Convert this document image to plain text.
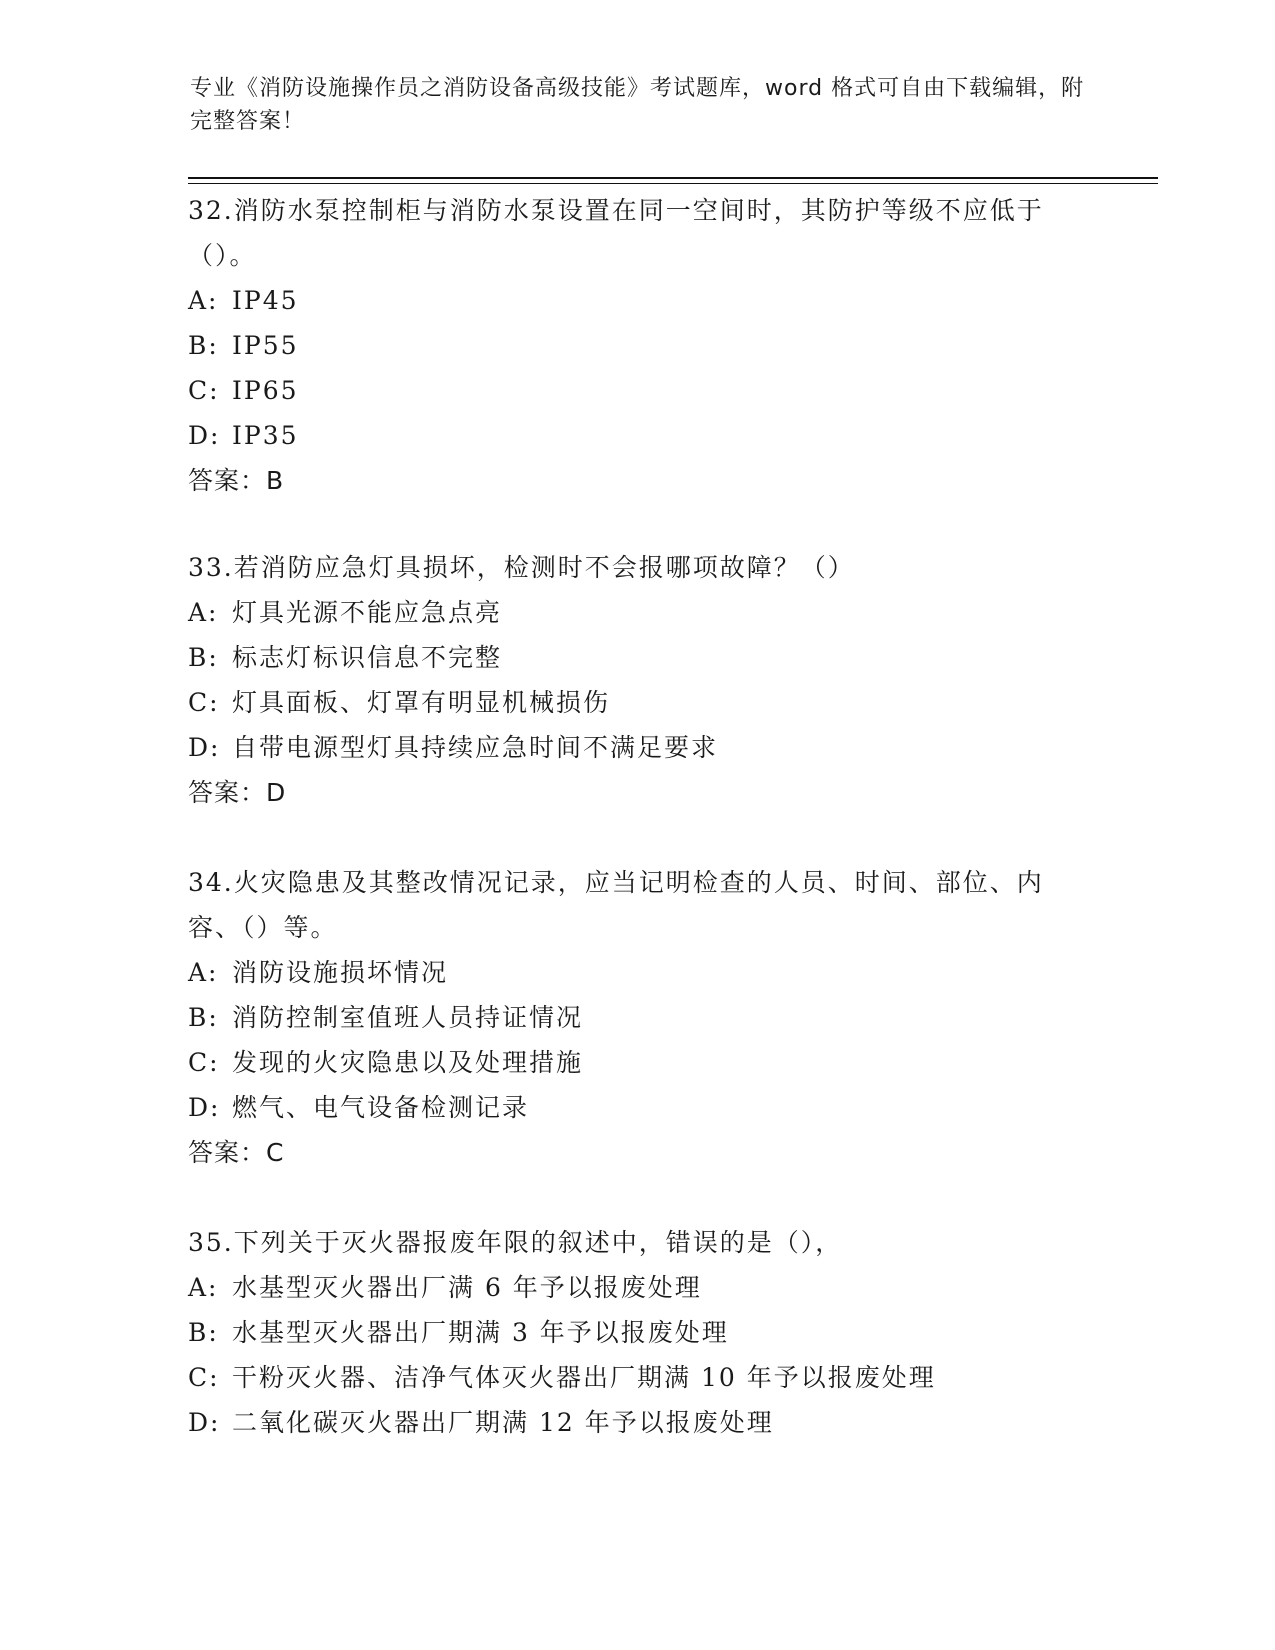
专业《消防设施操作员之消防设备高级技能》考试题库，word 格式可自由下载编辑，附完整答案！

32.消防水泵控制柜与消防水泵设置在同一空间时，其防护等级不应低于（）。

A: IP45
B: IP55
C: IP65
D: IP35
答案：B

33.若消防应急灯具损坏，检测时不会报哪项故障？（）

A: 灯具光源不能应急点亮
B: 标志灯标识信息不完整
C: 灯具面板、灯罩有明显机械损伤
D: 自带电源型灯具持续应急时间不满足要求
答案：D

34.火灾隐患及其整改情况记录，应当记明检查的人员、时间、部位、内容、（）等。

A: 消防设施损坏情况
B: 消防控制室值班人员持证情况
C: 发现的火灾隐患以及处理措施
D: 燃气、电气设备检测记录
答案：C

35.下列关于灭火器报废年限的叙述中，错误的是（），

A: 水基型灭火器出厂满 6 年予以报废处理
B: 水基型灭火器出厂期满 3 年予以报废处理
C: 干粉灭火器、洁净气体灭火器出厂期满 10 年予以报废处理
D: 二氧化碳灭火器出厂期满 12 年予以报废处理
